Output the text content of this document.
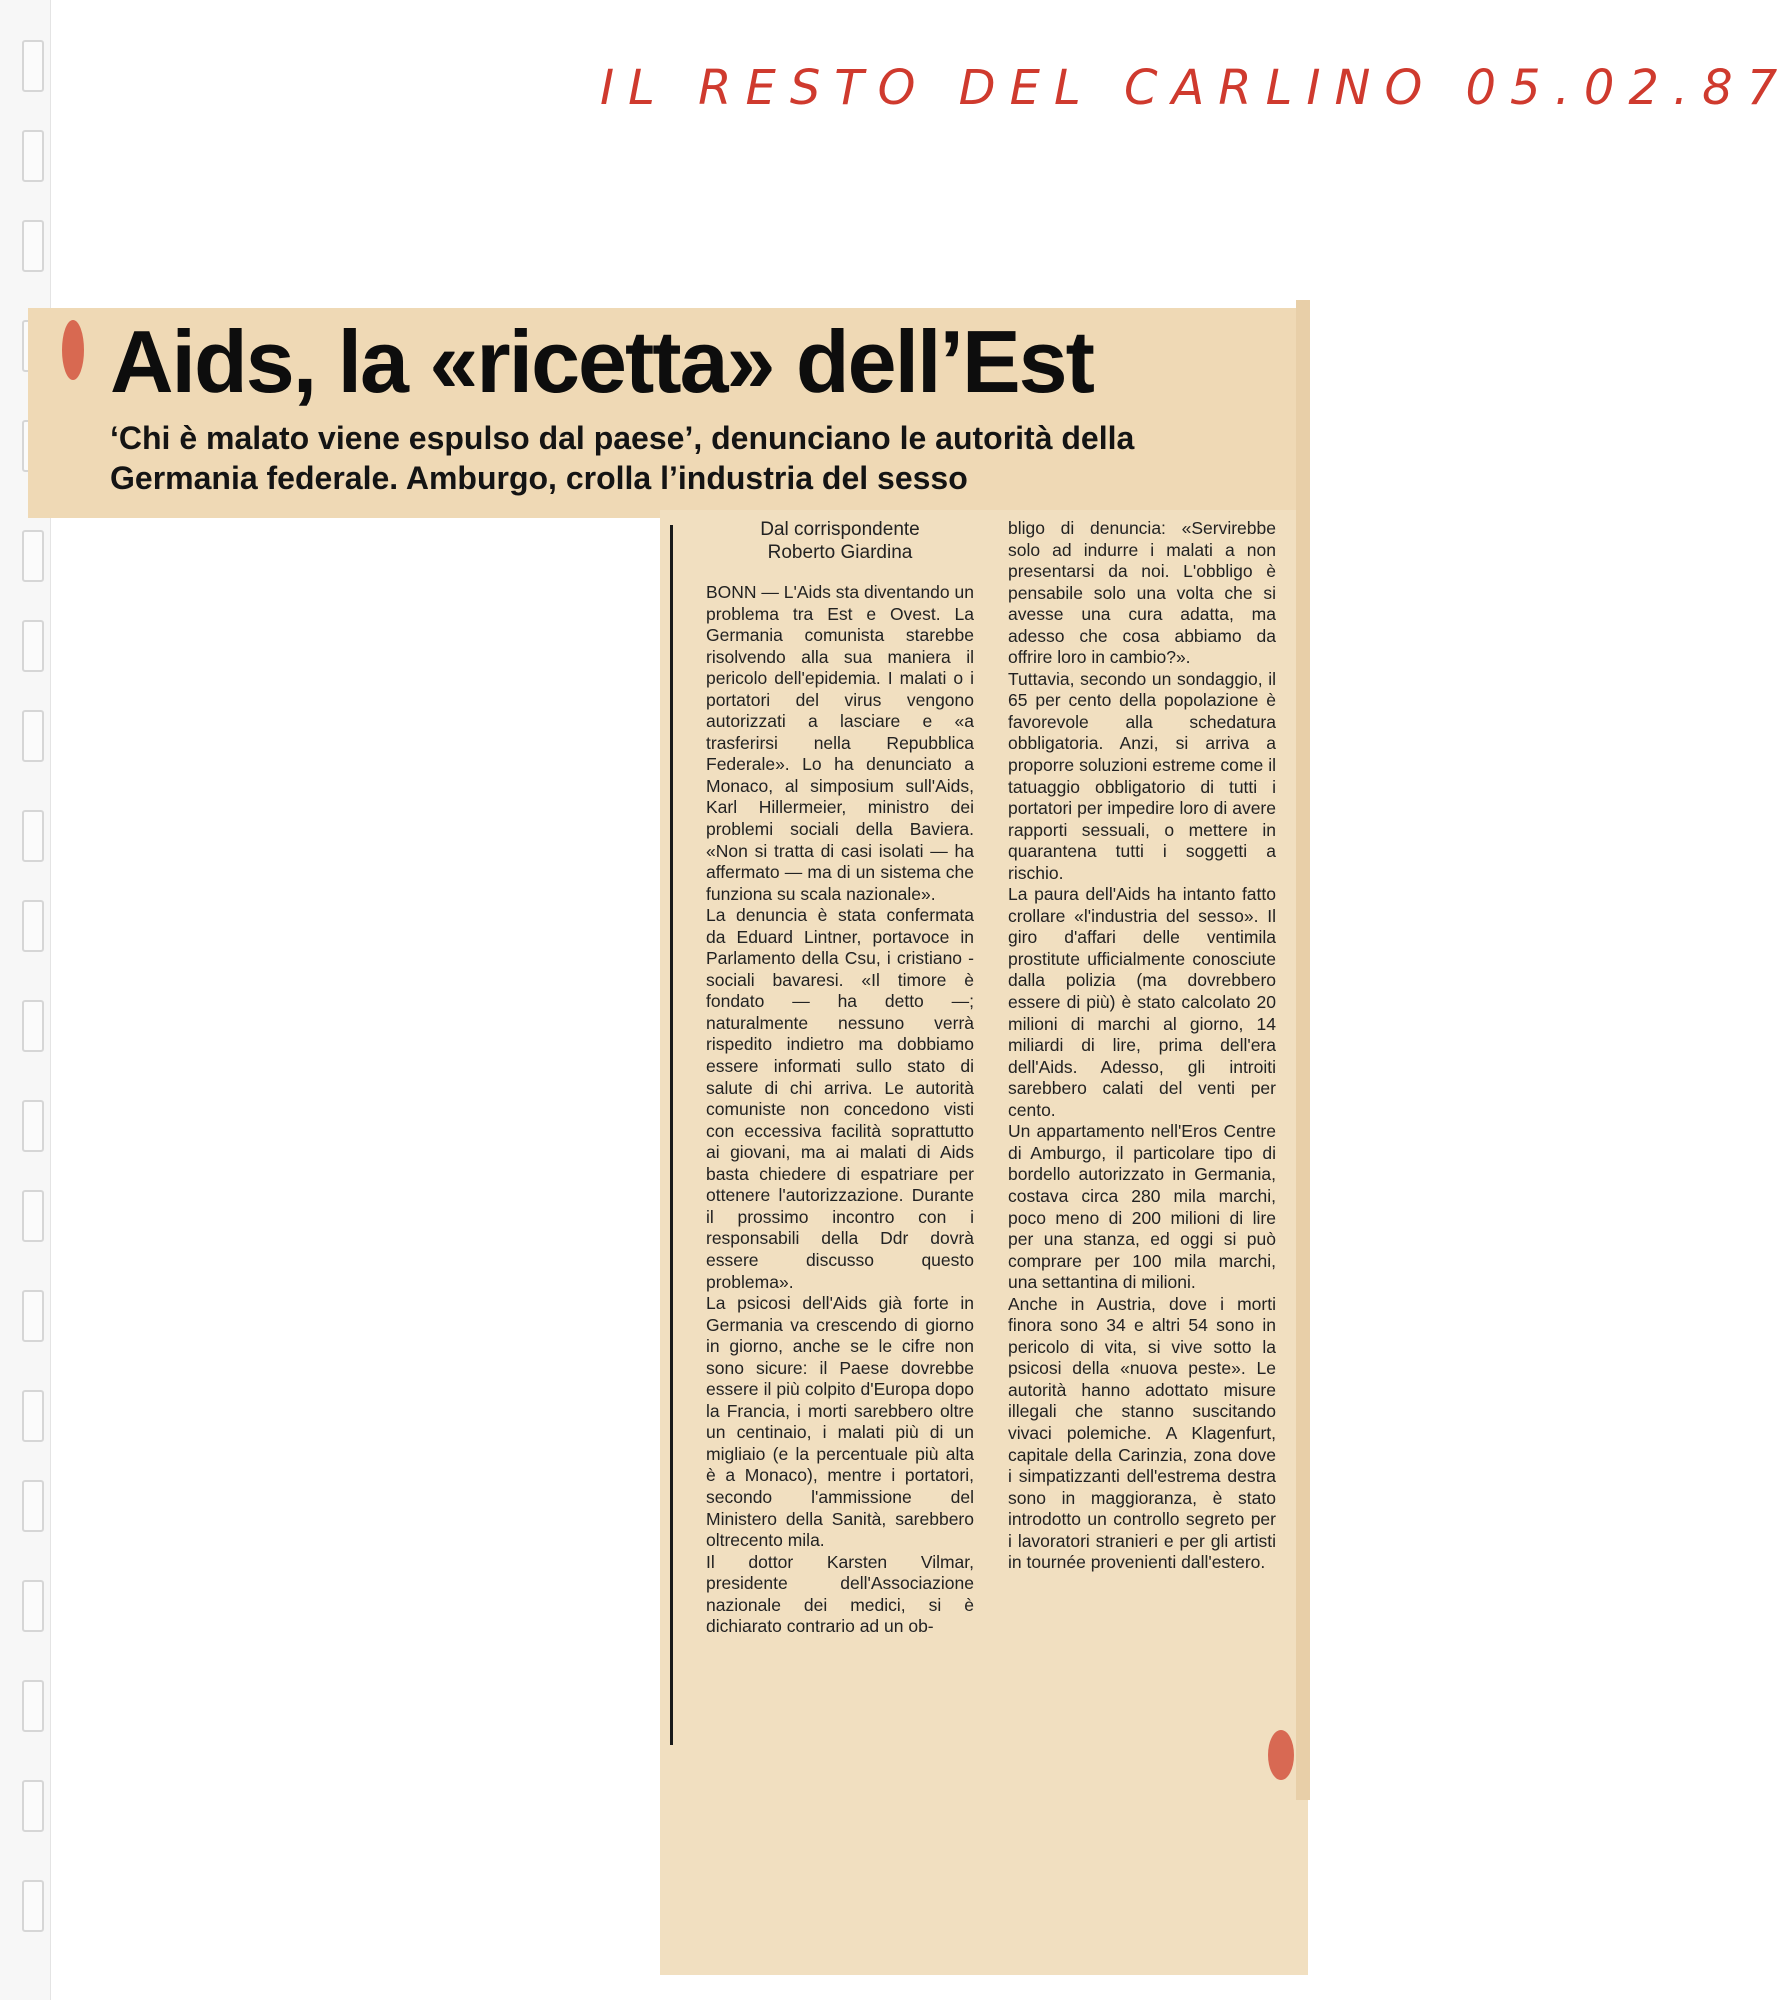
IL RESTO DEL CARLINO 05.02.87
Aids, la «ricetta» dell’Est
‘Chi è malato viene espulso dal paese’, denunciano le autorità della Germania federale. Amburgo, crolla l’industria del sesso
Dal corrispondente
Roberto Giardina

BONN — L'Aids sta diventando un problema tra Est e Ovest. La Germania comunista starebbe risolvendo alla sua maniera il pericolo dell'epidemia. I malati o i portatori del virus vengono autorizzati a lasciare e «a trasferirsi nella Repubblica Federale». Lo ha denunciato a Monaco, al simposium sull'Aids, Karl Hillermeier, ministro dei problemi sociali della Baviera. «Non si tratta di casi isolati — ha affermato — ma di un sistema che funziona su scala nazionale».

La denuncia è stata confermata da Eduard Lintner, portavoce in Parlamento della Csu, i cristiano - sociali bavaresi. «Il timore è fondato — ha detto —; naturalmente nessuno verrà rispedito indietro ma dobbiamo essere informati sullo stato di salute di chi arriva. Le autorità comuniste non concedono visti con eccessiva facilità soprattutto ai giovani, ma ai malati di Aids basta chiedere di espatriare per ottenere l'autorizzazione. Durante il prossimo incontro con i responsabili della Ddr dovrà essere discusso questo problema».

La psicosi dell'Aids già forte in Germania va crescendo di giorno in giorno, anche se le cifre non sono sicure: il Paese dovrebbe essere il più colpito d'Europa dopo la Francia, i morti sarebbero oltre un centinaio, i malati più di un migliaio (e la percentuale più alta è a Monaco), mentre i portatori, secondo l'ammissione del Ministero della Sanità, sarebbero oltrecento mila.

Il dottor Karsten Vilmar, presidente dell'Associazione nazionale dei medici, si è dichiarato contrario ad un ob-

bligo di denuncia: «Servirebbe solo ad indurre i malati a non presentarsi da noi. L'obbligo è pensabile solo una volta che si avesse una cura adatta, ma adesso che cosa abbiamo da offrire loro in cambio?».

Tuttavia, secondo un sondaggio, il 65 per cento della popolazione è favorevole alla schedatura obbligatoria. Anzi, si arriva a proporre soluzioni estreme come il tatuaggio obbligatorio di tutti i portatori per impedire loro di avere rapporti sessuali, o mettere in quarantena tutti i soggetti a rischio.

La paura dell'Aids ha intanto fatto crollare «l'industria del sesso». Il giro d'affari delle ventimila prostitute ufficialmente conosciute dalla polizia (ma dovrebbero essere di più) è stato calcolato 20 milioni di marchi al giorno, 14 miliardi di lire, prima dell'era dell'Aids. Adesso, gli introiti sarebbero calati del venti per cento.

Un appartamento nell'Eros Centre di Amburgo, il particolare tipo di bordello autorizzato in Germania, costava circa 280 mila marchi, poco meno di 200 milioni di lire per una stanza, ed oggi si può comprare per 100 mila marchi, una settantina di milioni.

Anche in Austria, dove i morti finora sono 34 e altri 54 sono in pericolo di vita, si vive sotto la psicosi della «nuova peste». Le autorità hanno adottato misure illegali che stanno suscitando vivaci polemiche. A Klagenfurt, capitale della Carinzia, zona dove i simpatizzanti dell'estrema destra sono in maggioranza, è stato introdotto un controllo segreto per i lavoratori stranieri e per gli artisti in tournée provenienti dall'estero.
